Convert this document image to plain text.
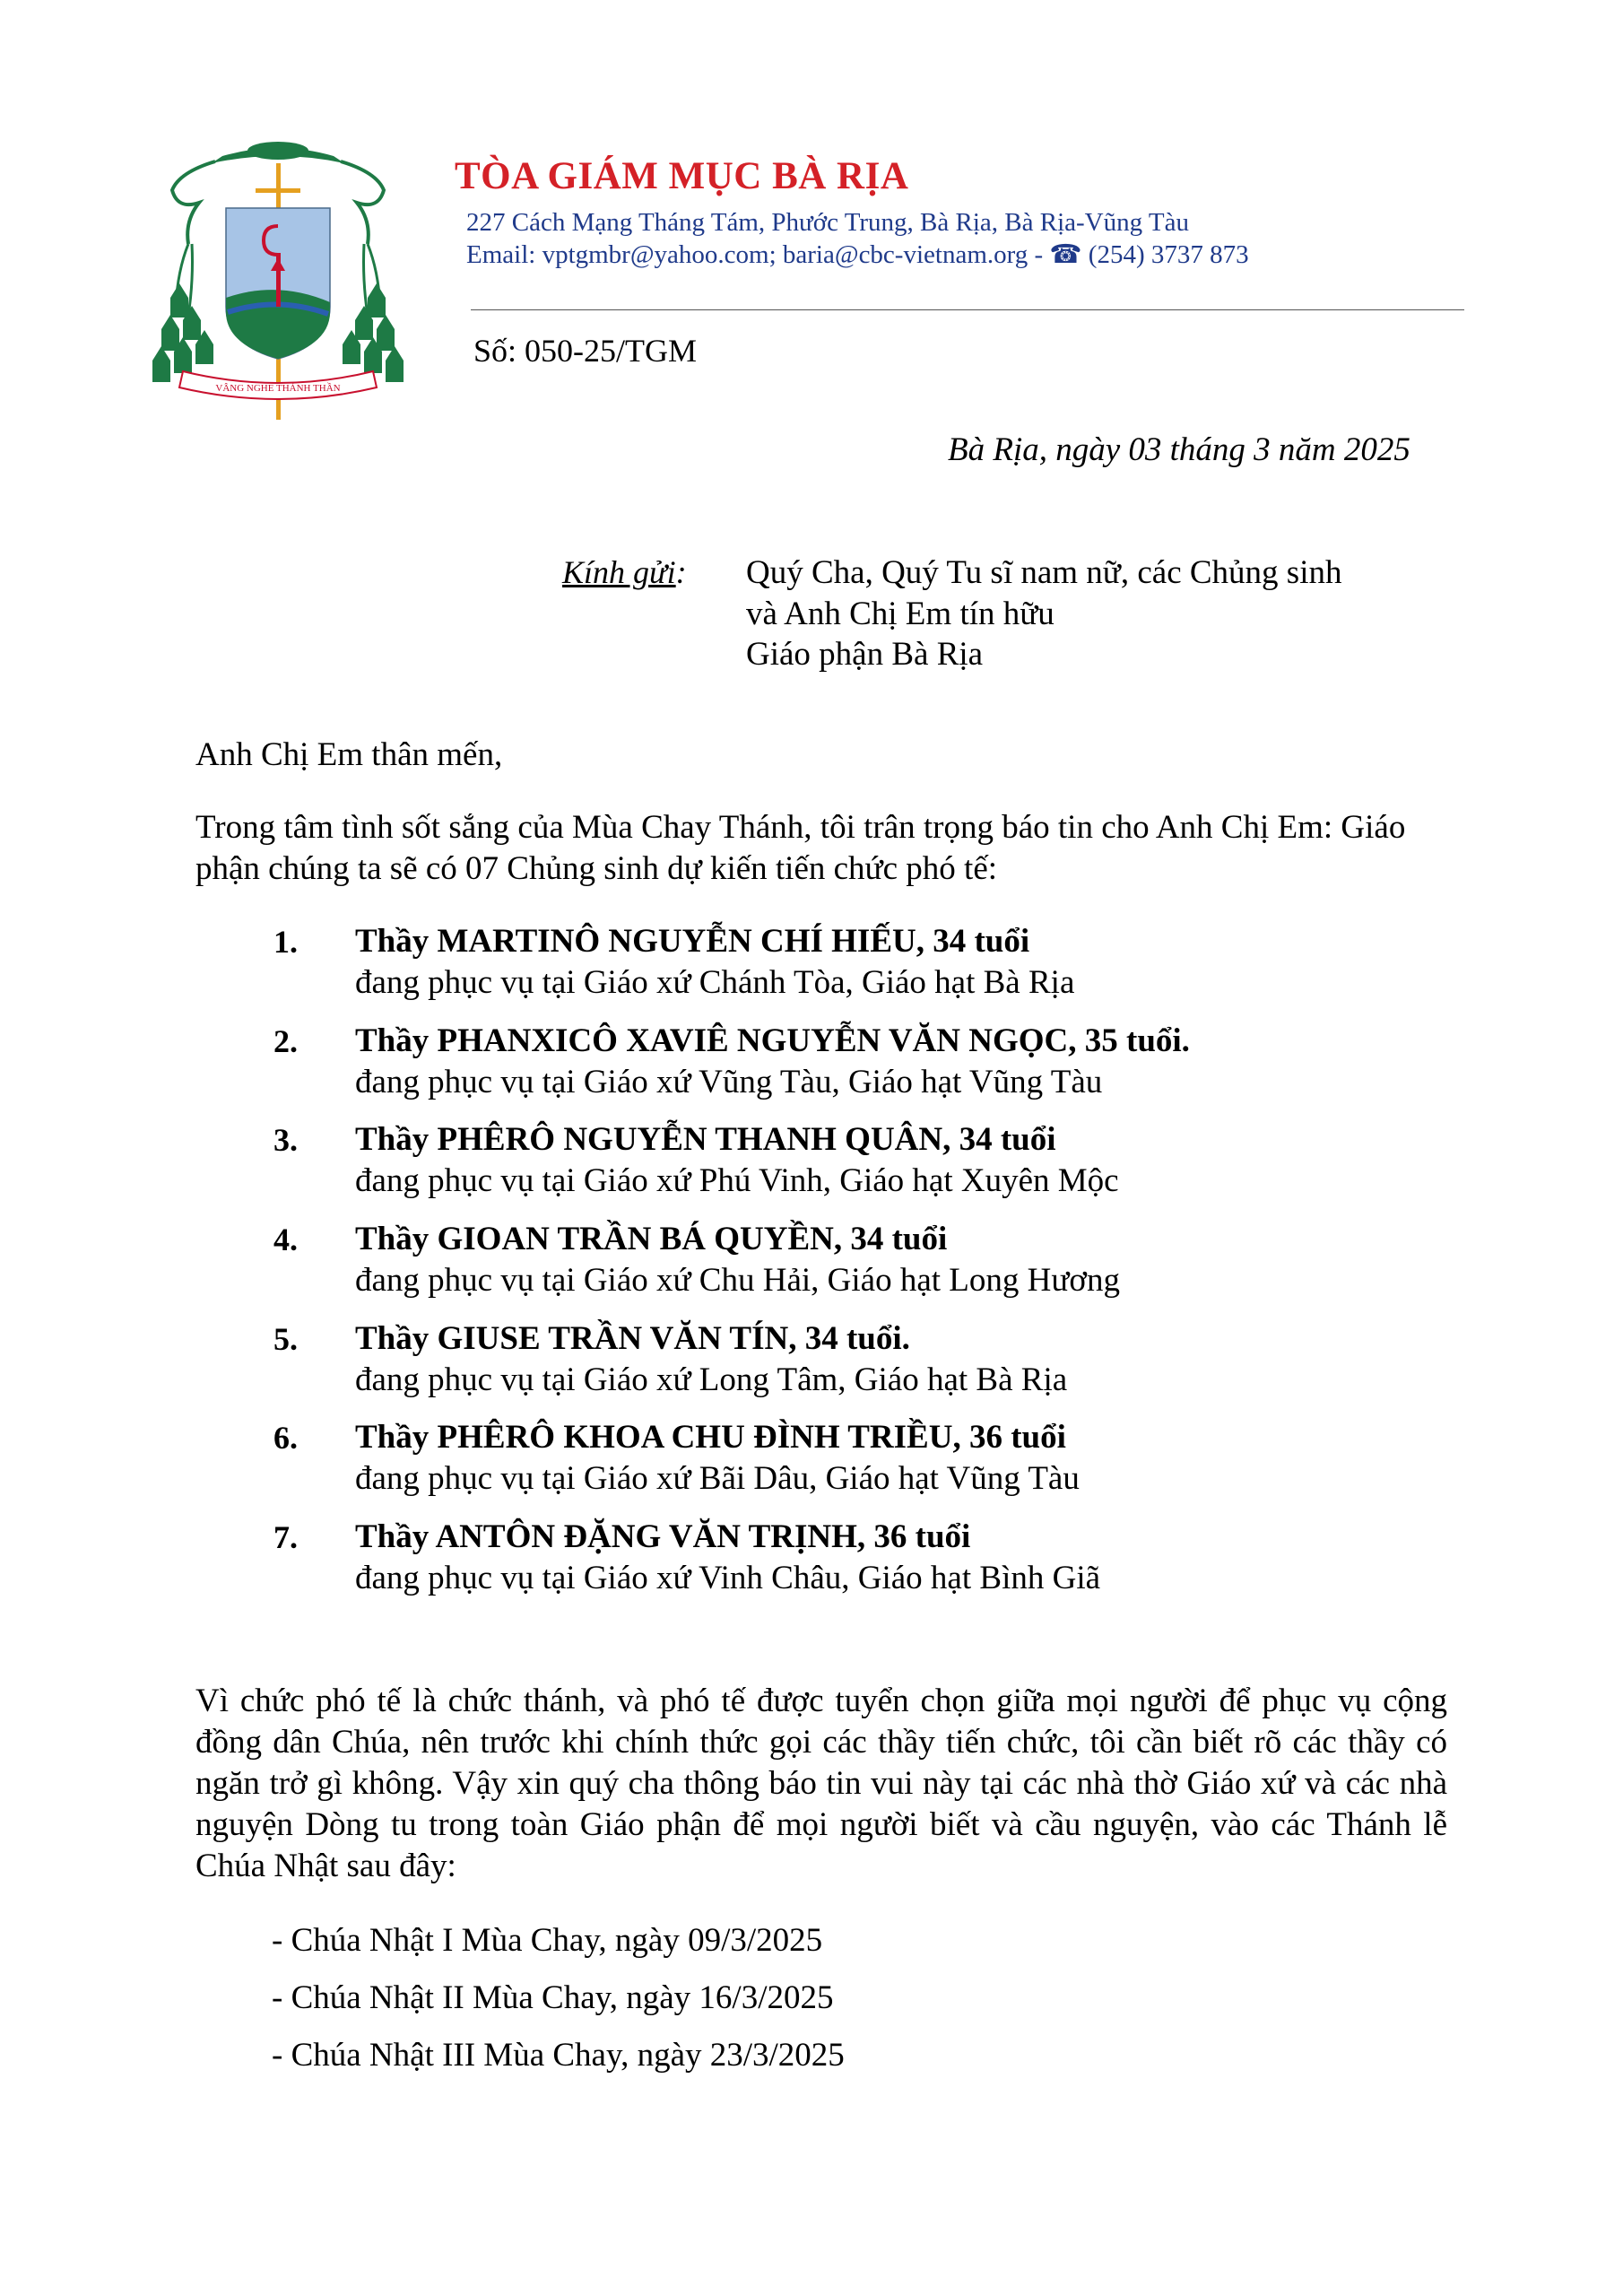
VÂNG NGHE THÁNH THẦN

TÒA GIÁM MỤC BÀ RỊA

227 Cách Mạng Tháng Tám, Phước Trung, Bà Rịa, Bà Rịa-Vũng Tàu

Email: vptgmbr@yahoo.com; baria@cbc-vietnam.org - ☎ (254) 3737 873

Số: 050-25/TGM

Bà Rịa, ngày 03 tháng 3 năm 2025

Kính gửi: Quý Cha, Quý Tu sĩ nam nữ, các Chủng sinh

và Anh Chị Em tín hữu

Giáo phận Bà Rịa

Anh Chị Em thân mến,

Trong tâm tình sốt sắng của Mùa Chay Thánh, tôi trân trọng báo tin cho Anh Chị Em: Giáo phận chúng ta sẽ có 07 Chủng sinh dự kiến tiến chức phó tế:

1. Thầy MARTINÔ NGUYỄN CHÍ HIẾU, 34 tuổi

đang phục vụ tại Giáo xứ Chánh Tòa, Giáo hạt Bà Rịa

2. Thầy PHANXICÔ XAVIÊ NGUYỄN VĂN NGỌC, 35 tuổi.

đang phục vụ tại Giáo xứ Vũng Tàu, Giáo hạt Vũng Tàu

3. Thầy PHÊRÔ NGUYỄN THANH QUÂN, 34 tuổi

đang phục vụ tại Giáo xứ Phú Vinh, Giáo hạt Xuyên Mộc

4. Thầy GIOAN TRẦN BÁ QUYỀN, 34 tuổi

đang phục vụ tại Giáo xứ Chu Hải, Giáo hạt Long Hương

5. Thầy GIUSE TRẦN VĂN TÍN, 34 tuổi.

đang phục vụ tại Giáo xứ Long Tâm, Giáo hạt Bà Rịa

6. Thầy PHÊRÔ KHOA CHU ĐÌNH TRIỀU, 36 tuổi

đang phục vụ tại Giáo xứ Bãi Dâu, Giáo hạt Vũng Tàu

7. Thầy ANTÔN ĐẶNG VĂN TRỊNH, 36 tuổi

đang phục vụ tại Giáo xứ Vinh Châu, Giáo hạt Bình Giã

Vì chức phó tế là chức thánh, và phó tế được tuyển chọn giữa mọi người để phục vụ cộng đồng dân Chúa, nên trước khi chính thức gọi các thầy tiến chức, tôi cần biết rõ các thầy có ngăn trở gì không. Vậy xin quý cha thông báo tin vui này tại các nhà thờ Giáo xứ và các nhà nguyện Dòng tu trong toàn Giáo phận để mọi người biết và cầu nguyện, vào các Thánh lễ Chúa Nhật sau đây:

- Chúa Nhật I Mùa Chay, ngày 09/3/2025

- Chúa Nhật II Mùa Chay, ngày 16/3/2025

- Chúa Nhật III Mùa Chay, ngày 23/3/2025
